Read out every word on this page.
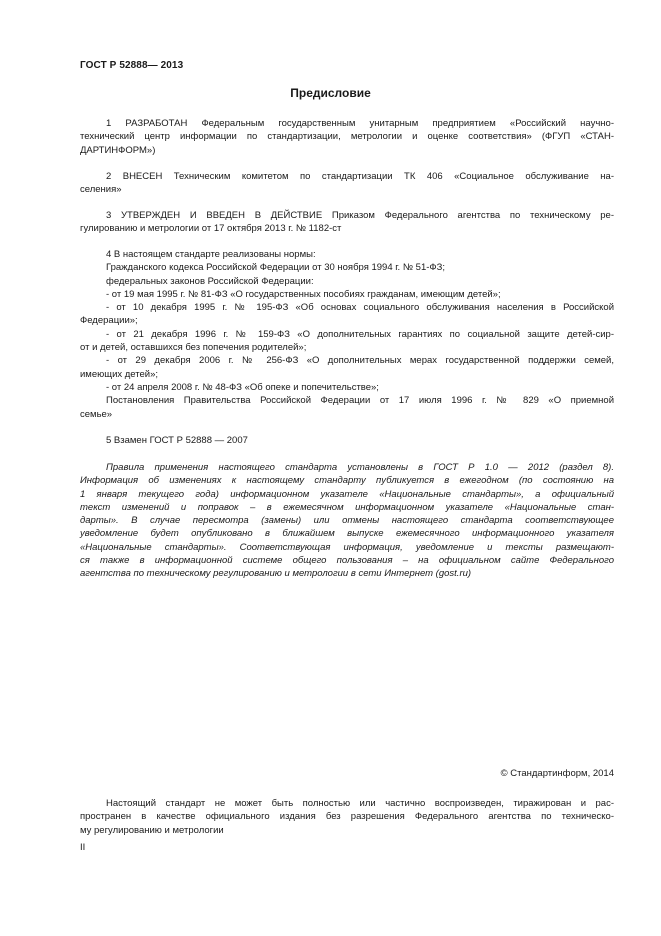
ГОСТ Р 52888— 2013
Предисловие
1 РАЗРАБОТАН Федеральным государственным унитарным предприятием «Российский научно-
технический центр информации по стандартизации, метрологии и оценке соответствия» (ФГУП «СТАН-
ДАРТИНФОРМ»)
2 ВНЕСЕН Техническим комитетом по стандартизации ТК 406 «Социальное обслуживание на-
селения»
3 УТВЕРЖДЕН И ВВЕДЕН В ДЕЙСТВИЕ Приказом Федерального агентства по техническому ре-
гулированию и метрологии от 17 октября 2013 г. № 1182-ст
4 В настоящем стандарте реализованы нормы:
Гражданского кодекса Российской Федерации от 30 ноября 1994 г. № 51-ФЗ;
федеральных законов Российской Федерации:
- от 19 мая 1995 г. № 81-ФЗ «О государственных пособиях гражданам, имеющим детей»;
- от 10 декабря 1995 г. № 195-ФЗ «Об основах социального обслуживания населения в Российской
Федерации»;
- от 21 декабря 1996 г. № 159-ФЗ «О дополнительных гарантиях по социальной защите детей-сир-
от и детей, оставшихся без попечения родителей»;
- от 29 декабря 2006 г. № 256-ФЗ «О дополнительных мерах государственной поддержки семей,
имеющих детей»;
- от 24 апреля 2008 г. № 48-ФЗ «Об опеке и попечительстве»;
Постановления Правительства Российской Федерации от 17 июля 1996 г. № 829 «О приемной
семье»
5 Взамен ГОСТ Р 52888 — 2007
Правила применения настоящего стандарта установлены в ГОСТ Р 1.0 — 2012 (раздел 8).
Информация об изменениях к настоящему стандарту публикуется в ежегодном (по состоянию на
1 января текущего года) информационном указателе «Национальные стандарты», а официальный
текст изменений и поправок – в ежемесячном информационном указателе «Национальные стан-
дарты». В случае пересмотра (замены) или отмены настоящего стандарта соответствующее
уведомление будет опубликовано в ближайшем выпуске ежемесячного информационного указателя
«Национальные стандарты». Соответствующая информация, уведомление и тексты размещают-
ся также в информационной системе общего пользования – на официальном сайте Федерального
агентства по техническому регулированию и метрологии в сети Интернет (gost.ru)
© Стандартинформ, 2014
Настоящий стандарт не может быть полностью или частично воспроизведен, тиражирован и рас-
пространен в качестве официального издания без разрешения Федерального агентства по техническо-
му регулированию и метрологии
II
